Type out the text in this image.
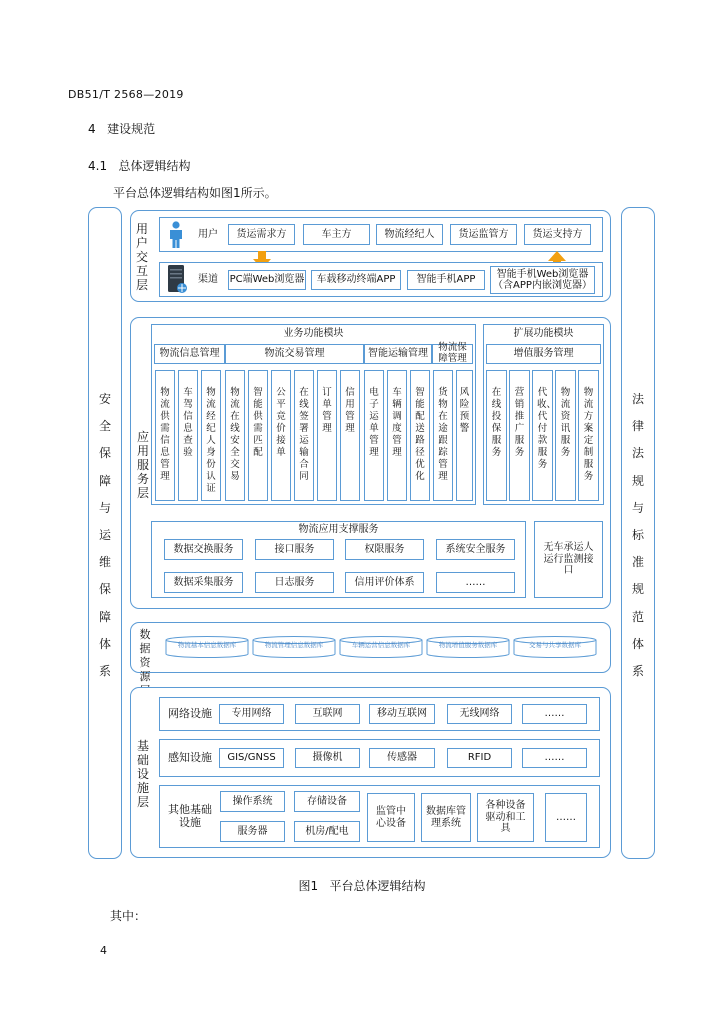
DB51/T 2568—2019
4 建设规范
4.1 总体逻辑结构
平台总体逻辑结构如图1所示。
安全保障与运维保障体系
法律法规与标准规范体系
用户交互层
用户	货运需求方	车主方	物流经纪人	货运监管方	货运支持方
渠道	PC端Web浏览器	车载移动终端APP	智能手机APP
智能手机Web浏览器
（含APP内嵌浏览器）
应用服务层
业务功能模块
物流信息管理	物流交易管理	智能运输管理
物流保障管理
物流供需信息管理
车驾信息查验
物流经纪人身份认证
物流在线安全交易
智能供需匹配
公平竞价接单
在线签署运输合同
订单管理
信用管理
电子运单管理
车辆调度管理
智能配送路径优化
货物在途跟踪管理
风险预警
扩展功能模块
增值服务管理
在线投保服务
营销推广服务
代收、代付款服务
物流资讯服务
物流方案定制服务
物流应用支撑服务
数据交换服务	接口服务	权限服务	系统安全服务
数据采集服务	日志服务	信用评价体系	……
无车承运人运行监测接口
数据资源
物流基本信息数据库	物流管理信息数据库	车辆运营信息数据库	物流增值服务数据库	交易与共享数据库
基础设施层
网络设施	专用网络	互联网	移动互联网	无线网络	……
感知设施	GIS/GNSS	摄像机	传感器	RFID	……
其他基础设施
操作系统	存储设备
服务器	机房/配电
监管中心设备
数据库管理系统
各种设备驱动和工具
……
图1 平台总体逻辑结构
其中：
4
